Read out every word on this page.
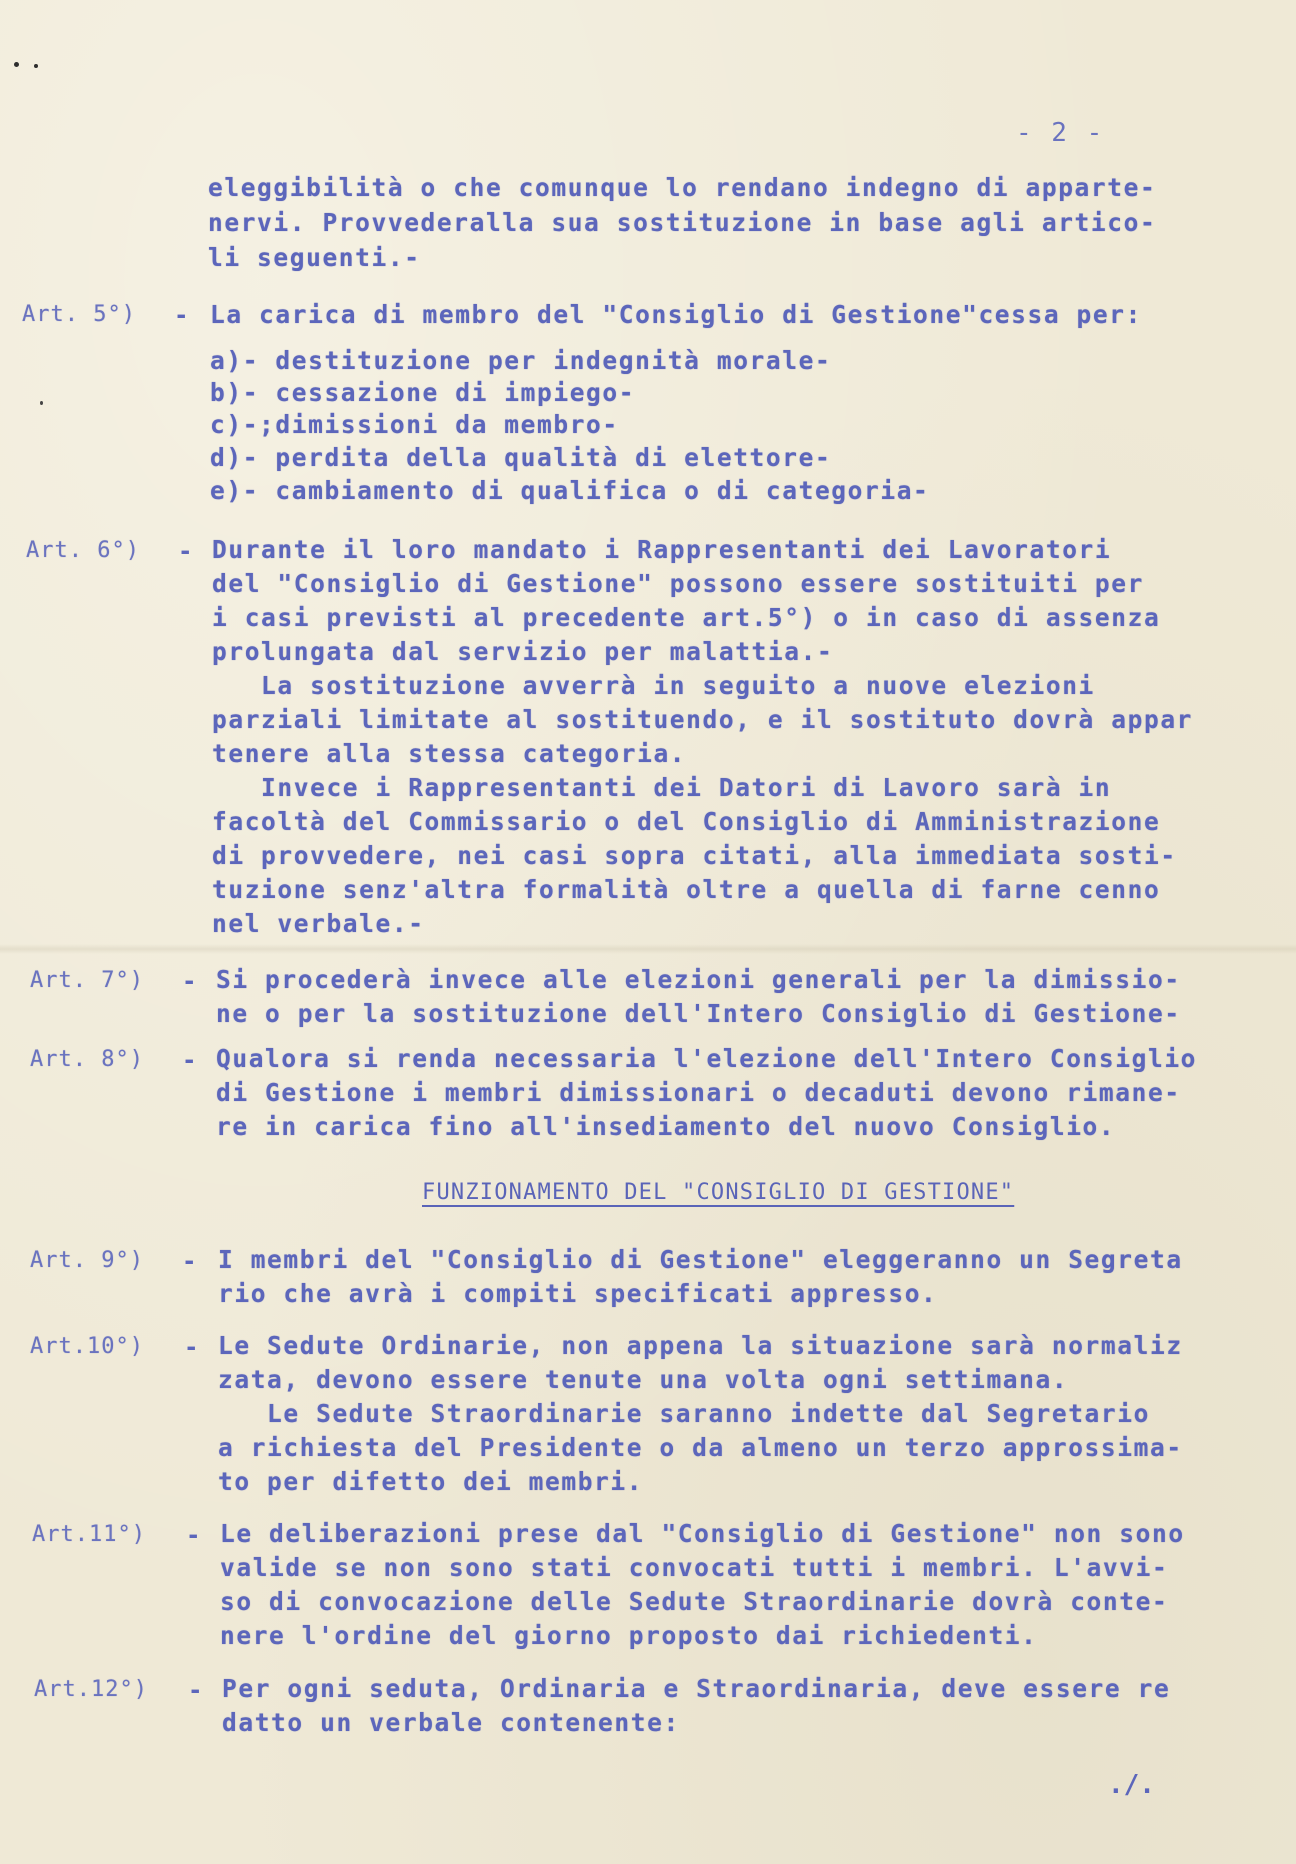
- 2 -
eleggibilità o che comunque lo rendano indegno di apparte-
nervi. Provvederalla sua sostituzione in base agli artico-
li seguenti.-
Art. 5°) - La carica di membro del "Consiglio di Gestione"cessa per:
a)- destituzione per indegnità morale-
b)- cessazione di impiego-
c)-;dimissioni da membro-
d)- perdita della qualità di elettore-
e)- cambiamento di qualifica o di categoria-
Art. 6°) - Durante il loro mandato i Rappresentanti dei Lavoratori
del "Consiglio di Gestione" possono essere sostituiti per
i casi previsti al precedente art.5°) o in caso di assenza
prolungata dal servizio per malattia.-
La sostituzione avverrà in seguito a nuove elezioni
parziali limitate al sostituendo, e il sostituto dovrà appar
tenere alla stessa categoria.
Invece i Rappresentanti dei Datori di Lavoro sarà in
facoltà del Commissario o del Consiglio di Amministrazione
di provvedere, nei casi sopra citati, alla immediata sosti-
tuzione senz'altra formalità oltre a quella di farne cenno
nel verbale.-
Art. 7°) - Si procederà invece alle elezioni generali per la dimissio-
ne o per la sostituzione dell'Intero Consiglio di Gestione-
Art. 8°) - Qualora si renda necessaria l'elezione dell'Intero Consiglio
di Gestione i membri dimissionari o decaduti devono rimane-
re in carica fino all'insediamento del nuovo Consiglio.
FUNZIONAMENTO DEL "CONSIGLIO DI GESTIONE"
Art. 9°) - I membri del "Consiglio di Gestione" eleggeranno un Segreta
rio che avrà i compiti specificati appresso.
Art.10°) - Le Sedute Ordinarie, non appena la situazione sarà normaliz
zata, devono essere tenute una volta ogni settimana.
Le Sedute Straordinarie saranno indette dal Segretario
a richiesta del Presidente o da almeno un terzo approssima-
to per difetto dei membri.
Art.11°) - Le deliberazioni prese dal "Consiglio di Gestione" non sono
valide se non sono stati convocati tutti i membri. L'avvi-
so di convocazione delle Sedute Straordinarie dovrà conte-
nere l'ordine del giorno proposto dai richiedenti.
Art.12°) - Per ogni seduta, Ordinaria e Straordinaria, deve essere re
datto un verbale contenente:
./.
